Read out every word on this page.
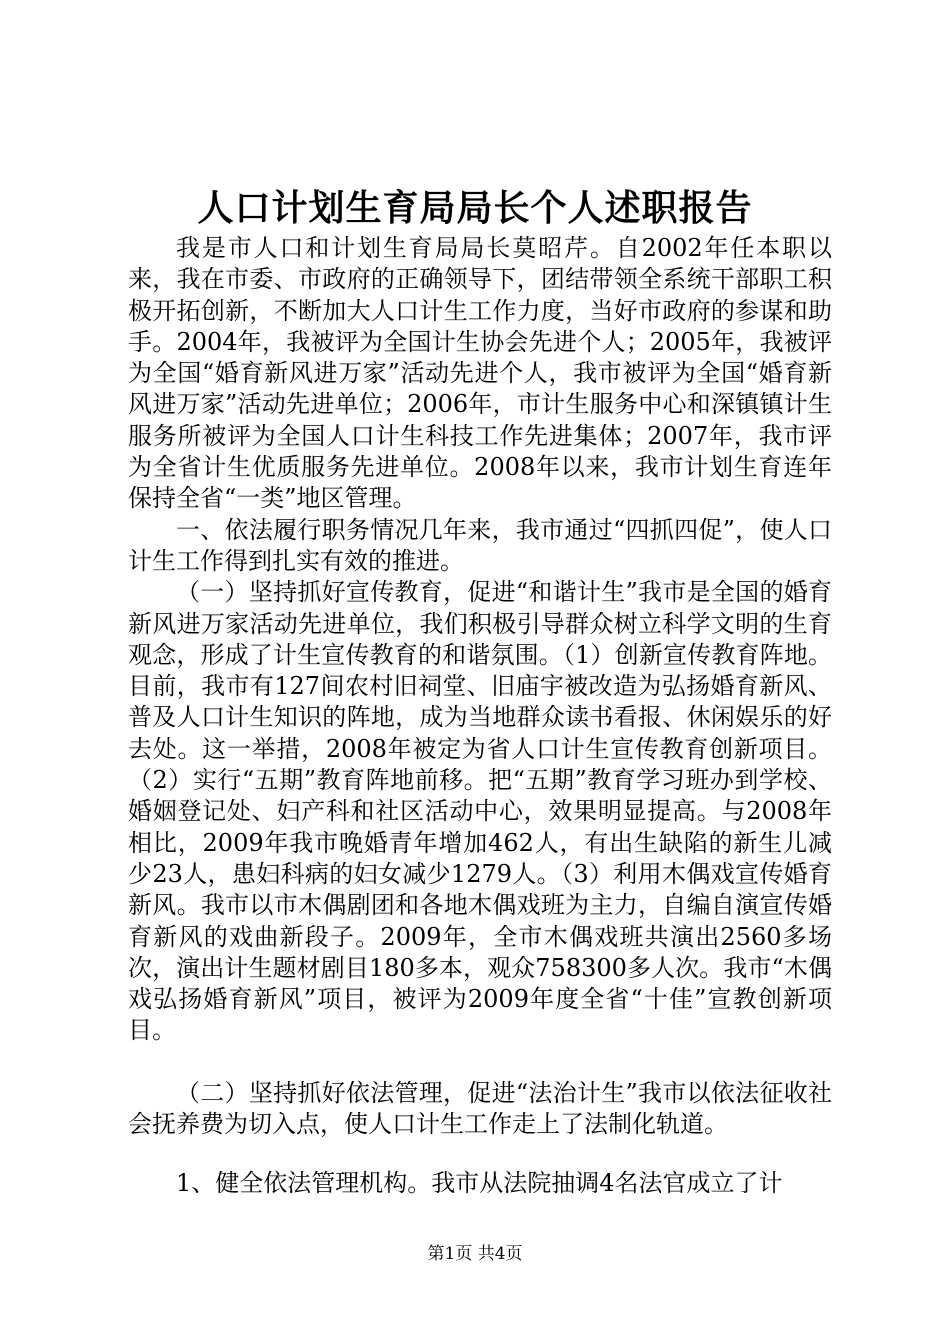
人口计划生育局局长个人述职报告

我是市人口和计划生育局局长莫昭芹。自2002年任本职以来，我在市委、市政府的正确领导下，团结带领全系统干部职工积极开拓创新，不断加大人口计生工作力度，当好市政府的参谋和助手。2004年，我被评为全国计生协会先进个人；2005年，我被评为全国“婚育新风进万家”活动先进个人，我市被评为全国“婚育新风进万家”活动先进单位；2006年，市计生服务中心和深镇镇计生服务所被评为全国人口计生科技工作先进集体；2007年，我市评为全省计生优质服务先进单位。2008年以来，我市计划生育连年保持全省“一类”地区管理。

一、依法履行职务情况几年来，我市通过“四抓四促”，使人口计生工作得到扎实有效的推进。

（一）坚持抓好宣传教育，促进“和谐计生”我市是全国的婚育新风进万家活动先进单位，我们积极引导群众树立科学文明的生育观念，形成了计生宣传教育的和谐氛围。（1）创新宣传教育阵地。目前，我市有127间农村旧祠堂、旧庙宇被改造为弘扬婚育新风、普及人口计生知识的阵地，成为当地群众读书看报、休闲娱乐的好去处。这一举措，2008年被定为省人口计生宣传教育创新项目。（2）实行“五期”教育阵地前移。把“五期”教育学习班办到学校、婚姻登记处、妇产科和社区活动中心，效果明显提高。与2008年相比，2009年我市晚婚青年增加462人，有出生缺陷的新生儿减少23人，患妇科病的妇女减少1279人。（3）利用木偶戏宣传婚育新风。我市以市木偶剧团和各地木偶戏班为主力，自编自演宣传婚育新风的戏曲新段子。2009年，全市木偶戏班共演出2560多场次，演出计生题材剧目180多本，观众758300多人次。我市“木偶戏弘扬婚育新风”项目，被评为2009年度全省“十佳”宣教创新项目。

（二）坚持抓好依法管理，促进“法治计生”我市以依法征收社会抚养费为切入点，使人口计生工作走上了法制化轨道。

1、健全依法管理机构。我市从法院抽调4名法官成立了计

第1页 共4页
